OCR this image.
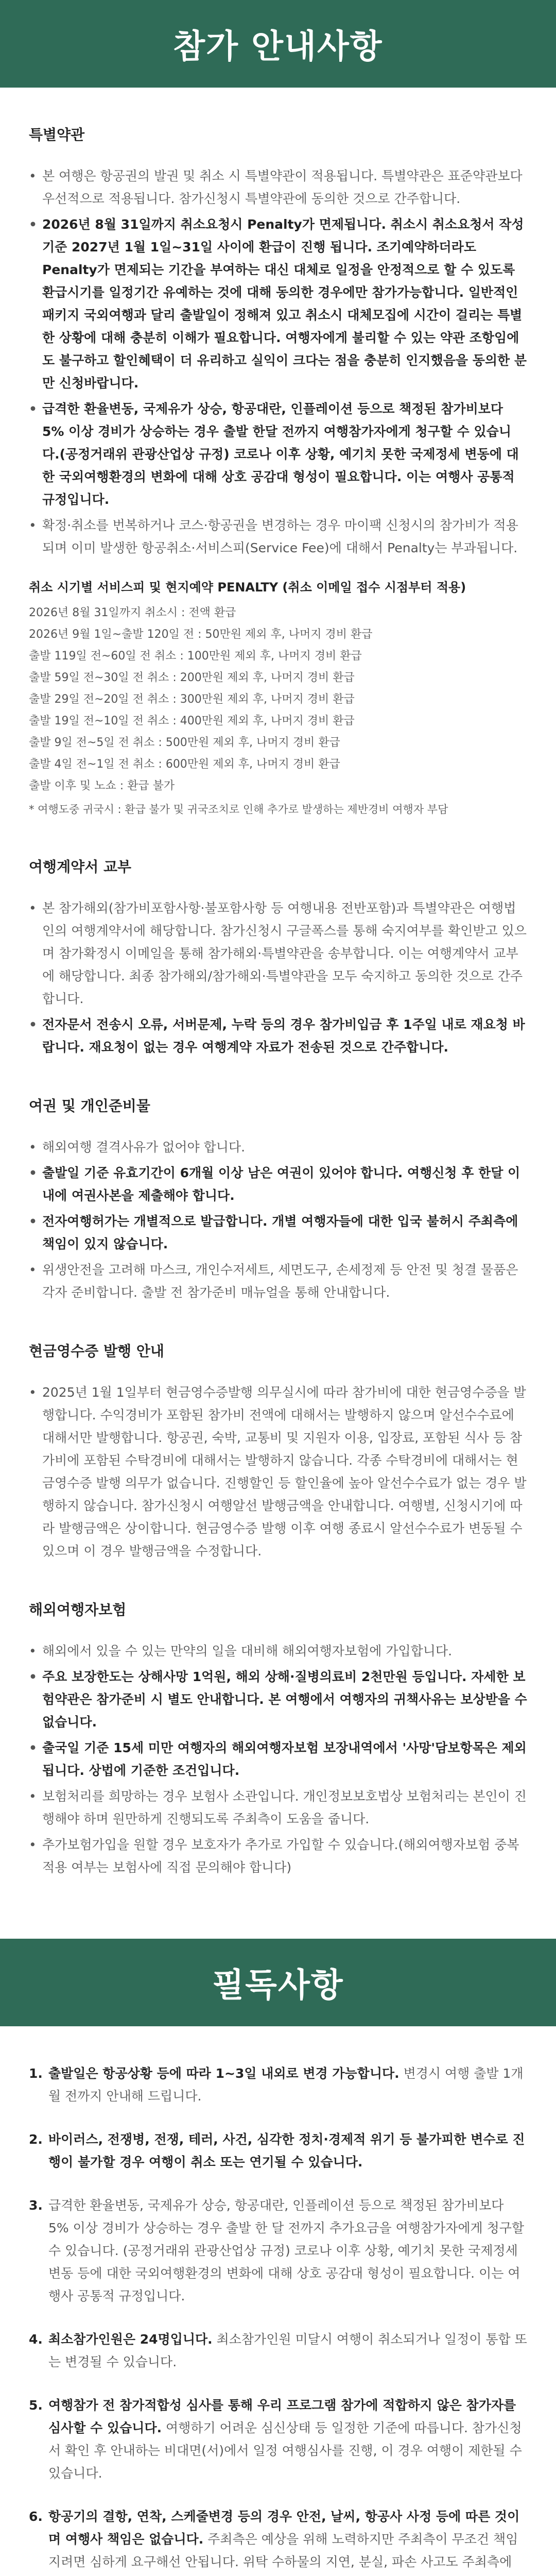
참가 안내사항
특별약관
• 본 여행은 항공권의 발권 및 취소 시 특별약관이 적용됩니다. 특별약관은 표준약관보다 우선적으로 적용됩니다. 참가신청시 특별약관에 동의한 것으로 간주합니다.
• 2026년 8월 31일까지 취소요청시 Penalty가 면제됩니다. 취소시 취소요청서 작성 기준 2027년 1월 1일~31일 사이에 환급이 진행 됩니다. 조기예약하더라도 Penalty가 면제되는 기간을 부여하는 대신 대체로 일정을 안정적으로 할 수 있도록 환급시기를 일정기간 유예하는 것에 대해 동의한 경우에만 참가가능합니다. 일반적인 패키지 국외여행과 달리 출발일이 정해져 있고 취소시 대체모집에 시간이 걸리는 특별한 상황에 대해 충분히 이해가 필요합니다. 여행자에게 불리할 수 있는 약관 조항임에도 불구하고 할인혜택이 더 유리하고 실익이 크다는 점을 충분히 인지했음을 동의한 분만 신청바랍니다.
• 급격한 환율변동, 국제유가 상승, 항공대란, 인플레이션 등으로 책정된 참가비보다 5% 이상 경비가 상승하는 경우 출발 한달 전까지 여행참가자에게 청구할 수 있습니다.(공정거래위 관광산업상 규정) 코로나 이후 상황, 예기치 못한 국제정세 변동에 대한 국외여행환경의 변화에 대해 상호 공감대 형성이 필요합니다. 이는 여행사 공통적 규정입니다.
• 확정·취소를 번복하거나 코스·항공권을 변경하는 경우 마이팩 신청시의 참가비가 적용되며 이미 발생한 항공취소·서비스피(Service Fee)에 대해서 Penalty는 부과됩니다.
취소 시기별 서비스피 및 현지예약 PENALTY (취소 이메일 접수 시점부터 적용)
2026년 8월 31일까지 취소시 : 전액 환급
2026년 9월 1일~출발 120일 전 : 50만원 제외 후, 나머지 경비 환급
출발 119일 전~60일 전 취소 : 100만원 제외 후, 나머지 경비 환급
출발 59일 전~30일 전 취소 : 200만원 제외 후, 나머지 경비 환급
출발 29일 전~20일 전 취소 : 300만원 제외 후, 나머지 경비 환급
출발 19일 전~10일 전 취소 : 400만원 제외 후, 나머지 경비 환급
출발 9일 전~5일 전 취소 : 500만원 제외 후, 나머지 경비 환급
출발 4일 전~1일 전 취소 : 600만원 제외 후, 나머지 경비 환급
출발 이후 및 노쇼 : 환급 불가
* 여행도중 귀국시 : 환급 불가 및 귀국조치로 인해 추가로 발생하는 제반경비 여행자 부담
여행계약서 교부
• 본 참가해외(참가비포함사항·불포함사항 등 여행내용 전반포함)과 특별약관은 여행법인의 여행계약서에 해당합니다. 참가신청시 구글폭스를 통해 숙지여부를 확인받고 있으며 참가확정시 이메일을 통해 참가해외·특별약관을 송부합니다. 이는 여행계약서 교부에 해당합니다. 최종 참가해외/참가해외·특별약관을 모두 숙지하고 동의한 것으로 간주합니다.
• 전자문서 전송시 오류, 서버문제, 누락 등의 경우 참가비입금 후 1주일 내로 재요청 바랍니다. 재요청이 없는 경우 여행계약 자료가 전송된 것으로 간주합니다.
여권 및 개인준비물
• 해외여행 결격사유가 없어야 합니다.
• 출발일 기준 유효기간이 6개월 이상 남은 여권이 있어야 합니다. 여행신청 후 한달 이내에 여권사본을 제출해야 합니다.
• 전자여행허가는 개별적으로 발급합니다. 개별 여행자들에 대한 입국 불허시 주최측에 책임이 있지 않습니다.
• 위생안전을 고려해 마스크, 개인수저세트, 세면도구, 손세정제 등 안전 및 청결 물품은 각자 준비합니다. 출발 전 참가준비 매뉴얼을 통해 안내합니다.
현금영수증 발행 안내
• 2025년 1월 1일부터 현금영수증발행 의무실시에 따라 참가비에 대한 현금영수증을 발행합니다. 수익경비가 포함된 참가비 전액에 대해서는 발행하지 않으며 알선수수료에 대해서만 발행합니다. 항공권, 숙박, 교통비 및 지원자 이용, 입장료, 포함된 식사 등 참가비에 포함된 수탁경비에 대해서는 발행하지 않습니다. 각종 수탁경비에 대해서는 현금영수증 발행 의무가 없습니다. 진행할인 등 할인율에 높아 알선수수료가 없는 경우 발행하지 않습니다. 참가신청시 여행알선 발행금액을 안내합니다. 여행별, 신청시기에 따라 발행금액은 상이합니다. 현금영수증 발행 이후 여행 종료시 알선수수료가 변동될 수 있으며 이 경우 발행금액을 수정합니다.
해외여행자보험
• 해외에서 있을 수 있는 만약의 일을 대비해 해외여행자보험에 가입합니다.
• 주요 보장한도는 상해사망 1억원, 해외 상해·질병의료비 2천만원 등입니다. 자세한 보험약관은 참가준비 시 별도 안내합니다. 본 여행에서 여행자의 귀책사유는 보상받을 수 없습니다.
• 출국일 기준 15세 미만 여행자의 해외여행자보험 보장내역에서 '사망'담보항목은 제외됩니다. 상법에 기준한 조건입니다.
• 보험처리를 희망하는 경우 보험사 소관입니다. 개인정보보호법상 보험처리는 본인이 진행해야 하며 원만하게 진행되도록 주최측이 도움을 줍니다.
• 추가보험가입을 원할 경우 보호자가 추가로 가입할 수 있습니다.(해외여행자보험 중복적용 여부는 보험사에 직접 문의해야 합니다)
필독사항
1. 출발일은 항공상황 등에 따라 1~3일 내외로 변경 가능합니다. 변경시 여행 출발 1개월 전까지 안내해 드립니다.
2. 바이러스, 전쟁병, 전쟁, 테러, 사건, 심각한 정치·경제적 위기 등 불가피한 변수로 진행이 불가할 경우 여행이 취소 또는 연기될 수 있습니다.
3. 급격한 환율변동, 국제유가 상승, 항공대란, 인플레이션 등으로 책정된 참가비보다 5% 이상 경비가 상승하는 경우 출발 한 달 전까지 추가요금을 여행참가자에게 청구할 수 있습니다. (공정거래위 관광산업상 규정) 코로나 이후 상황, 예기치 못한 국제정세 변동 등에 대한 국외여행환경의 변화에 대해 상호 공감대 형성이 필요합니다. 이는 여행사 공통적 규정입니다.
4. 최소참가인원은 24명입니다. 최소참가인원 미달시 여행이 취소되거나 일정이 통합 또는 변경될 수 있습니다.
5. 여행참가 전 참가적합성 심사를 통해 우리 프로그램 참가에 적합하지 않은 참가자를 심사할 수 있습니다. 여행하기 어려운 심신상태 등 일정한 기준에 따릅니다. 참가신청서 확인 후 안내하는 비대면(서)에서 일정 여행심사를 진행, 이 경우 여행이 제한될 수 있습니다.
6. 항공기의 결항, 연착, 스케줄변경 등의 경우 안전, 날씨, 항공사 사정 등에 따른 것이며 여행사 책임은 없습니다. 주최측은 예상을 위해 노력하지만 주최측이 무조건 책임지려면 심하게 요구해선 안됩니다. 위탁 수하물의 지연, 분실, 파손 사고도 주최측에
